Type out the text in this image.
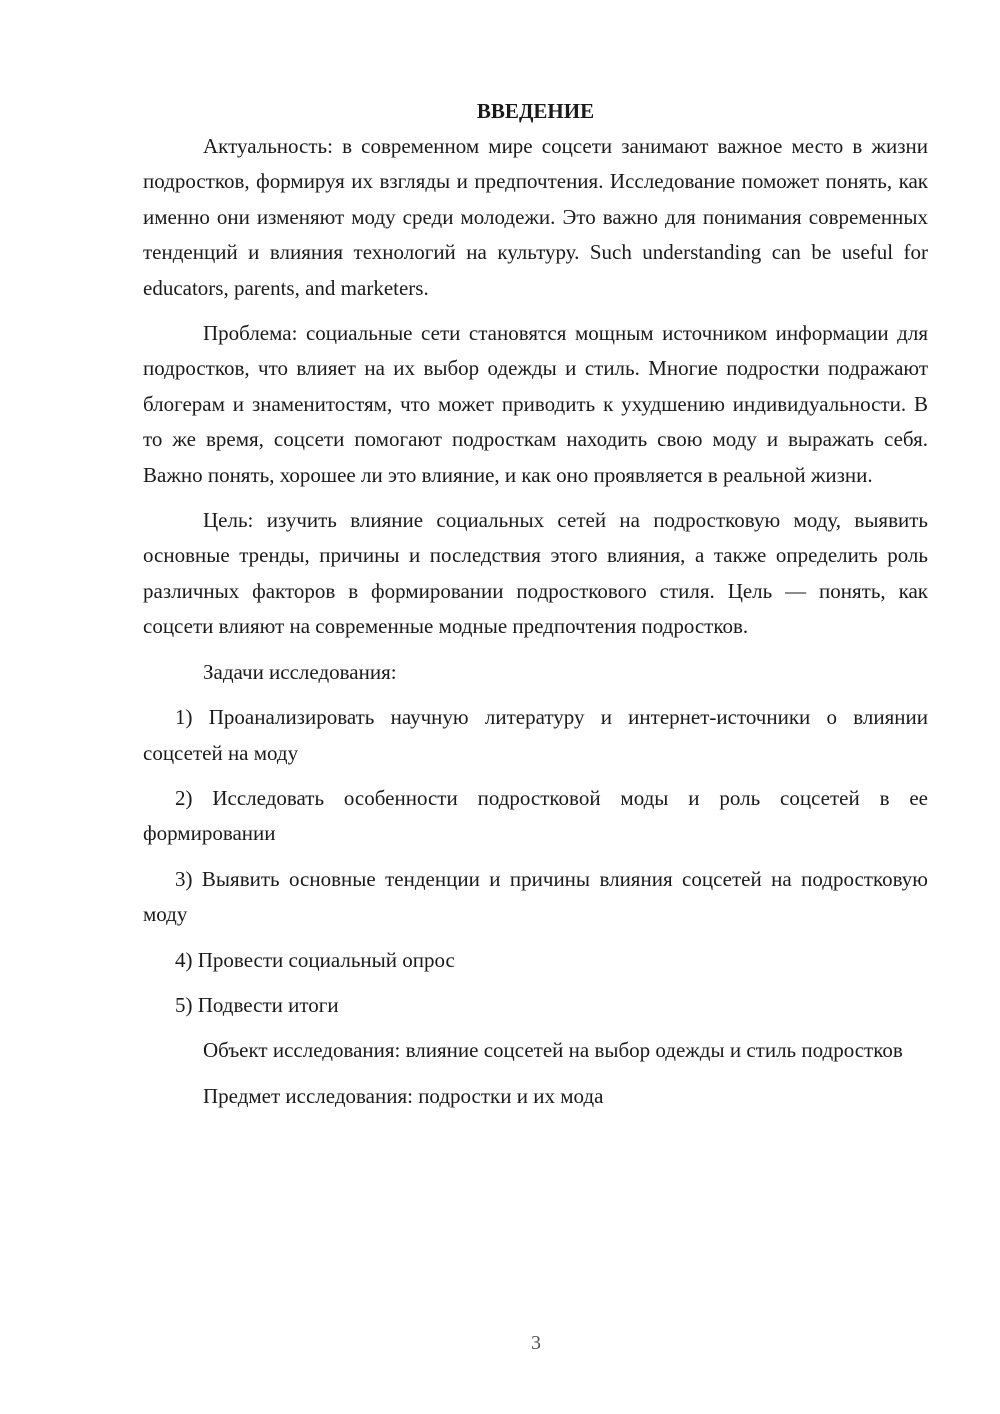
ВВЕДЕНИЕ

Актуальность: в современном мире соцсети занимают важное место в жизни подростков, формируя их взгляды и предпочтения. Исследование поможет понять, как именно они изменяют моду среди молодежи. Это важно для понимания современных тенденций и влияния технологий на культуру. Such understanding can be useful for educators, parents, and marketers.

Проблема: социальные сети становятся мощным источником информации для подростков, что влияет на их выбор одежды и стиль. Многие подростки подражают блогерам и знаменитостям, что может приводить к ухудшению индивидуальности. В то же время, соцсети помогают подросткам находить свою моду и выражать себя. Важно понять, хорошее ли это влияние, и как оно проявляется в реальной жизни.

Цель: изучить влияние социальных сетей на подростковую моду, выявить основные тренды, причины и последствия этого влияния, а также определить роль различных факторов в формировании подросткового стиля. Цель — понять, как соцсети влияют на современные модные предпочтения подростков.

Задачи исследования:

1) Проанализировать научную литературу и интернет-источники о влиянии соцсетей на моду

2) Исследовать особенности подростковой моды и роль соцсетей в ее формировании

3) Выявить основные тенденции и причины влияния соцсетей на подростковую моду

4) Провести социальный опрос

5) Подвести итоги

Объект исследования: влияние соцсетей на выбор одежды и стиль подростков

Предмет исследования: подростки и их мода

3
